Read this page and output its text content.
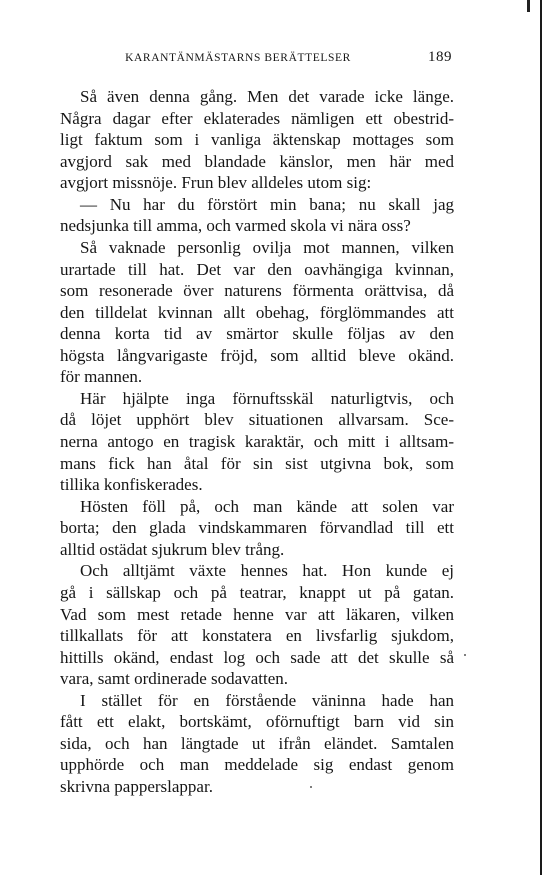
KARANTÄNMÄSTARNS BERÄTTELSER	189
Så även denna gång. Men det varade icke länge.
Några dagar efter eklaterades nämligen ett obestrid-
ligt faktum som i vanliga äktenskap mottages som
avgjord sak med blandade känslor, men här med
avgjort missnöje. Frun blev alldeles utom sig:
— Nu har du förstört min bana; nu skall jag
nedsjunka till amma, och varmed skola vi nära oss?
Så vaknade personlig ovilja mot mannen, vilken
urartade till hat. Det var den oavhängiga kvinnan,
som resonerade över naturens förmenta orättvisa, då
den tilldelat kvinnan allt obehag, förglömmandes att
denna korta tid av smärtor skulle följas av den
högsta långvarigaste fröjd, som alltid bleve okänd.
för mannen.
Här hjälpte inga förnuftsskäl naturligtvis, och
då löjet upphört blev situationen allvarsam. Sce-
nerna antogo en tragisk karaktär, och mitt i alltsam-
mans fick han åtal för sin sist utgivna bok, som
tillika konfiskerades.
Hösten föll på, och man kände att solen var
borta; den glada vindskammaren förvandlad till ett
alltid ostädat sjukrum blev trång.
Och alltjämt växte hennes hat. Hon kunde ej
gå i sällskap och på teatrar, knappt ut på gatan.
Vad som mest retade henne var att läkaren, vilken
tillkallats för att konstatera en livsfarlig sjukdom,
hittills okänd, endast log och sade att det skulle så
vara, samt ordinerade sodavatten.
I stället för en förstående väninna hade han
fått ett elakt, bortskämt, oförnuftigt barn vid sin
sida, och han längtade ut ifrån eländet. Samtalen
upphörde och man meddelade sig endast genom
skrivna papperslappar.
